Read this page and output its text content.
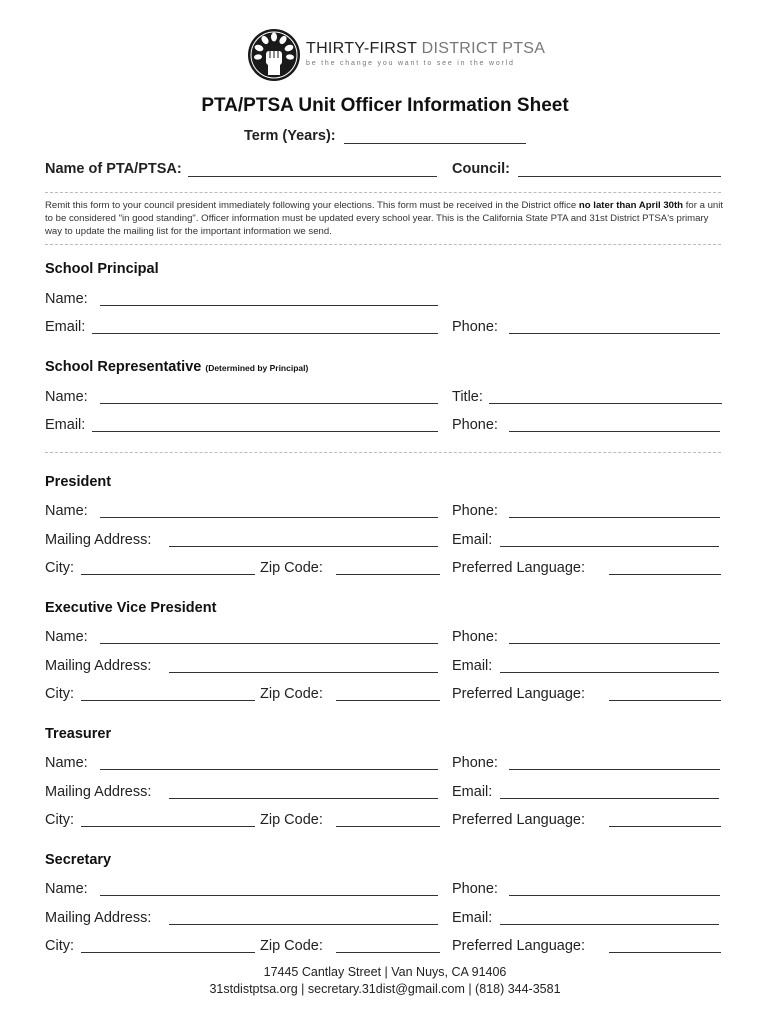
THIRTY-FIRST DISTRICT PTSA
be the change you want to see in the world
PTA/PTSA Unit Officer Information Sheet
Term (Years):
Name of PTA/PTSA:	Council:
Remit this form to your council president immediately following your elections. This form must be received in the District office no later than April 30th for a unit to be considered "in good standing". Officer information must be updated every school year. This is the California State PTA and 31st District PTSA's primary way to update the mailing list for the important information we send.
School Principal
Name:
Email:	Phone:
School Representative (Determined by Principal)
Name:	Title:
Email:	Phone:
President
Name:	Phone:
Mailing Address:	Email:
City:	Zip Code:	Preferred Language:
Executive Vice President
Name:	Phone:
Mailing Address:	Email:
City:	Zip Code:	Preferred Language:
Treasurer
Name:	Phone:
Mailing Address:	Email:
City:	Zip Code:	Preferred Language:
Secretary
Name:	Phone:
Mailing Address:	Email:
City:	Zip Code:	Preferred Language:
17445 Cantlay Street | Van Nuys, CA 91406
31stdistptsa.org | secretary.31dist@gmail.com | (818) 344-3581
